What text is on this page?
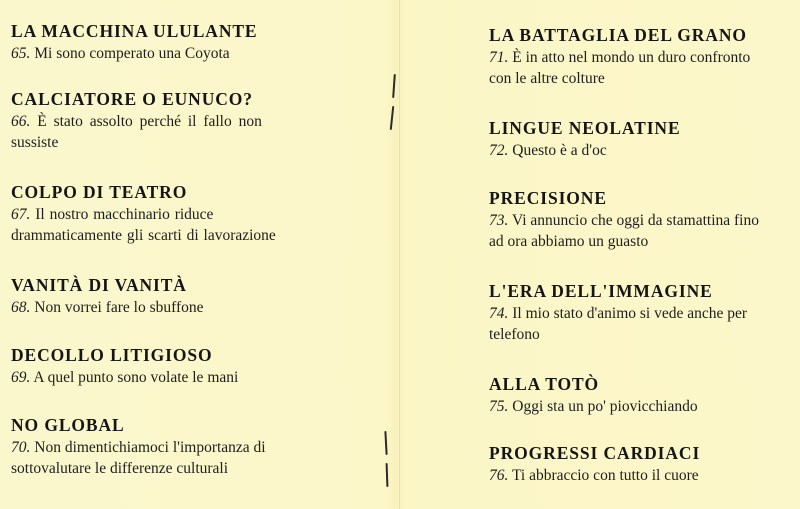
LA MACCHINA ULULANTE
65. Mi sono comperato una Coyota
CALCIATORE O EUNUCO?
66. È stato assolto perché il fallo non sussiste
COLPO DI TEATRO
67. Il nostro macchinario riduce drammaticamente gli scarti di lavorazione
VANITÀ DI VANITÀ
68. Non vorrei fare lo sbuffone
DECOLLO LITIGIOSO
69. A quel punto sono volate le mani
NO GLOBAL
70. Non dimentichiamoci l'importanza di sottovalutare le differenze culturali
LA BATTAGLIA DEL GRANO
71. È in atto nel mondo un duro confronto con le altre colture
LINGUE NEOLATINE
72. Questo è a d'oc
PRECISIONE
73. Vi annuncio che oggi da stamattina fino ad ora abbiamo un guasto
L'ERA DELL'IMMAGINE
74. Il mio stato d'animo si vede anche per telefono
ALLA TOTÒ
75. Oggi sta un po' piovicchiando
PROGRESSI CARDIACI
76. Ti abbraccio con tutto il cuore
